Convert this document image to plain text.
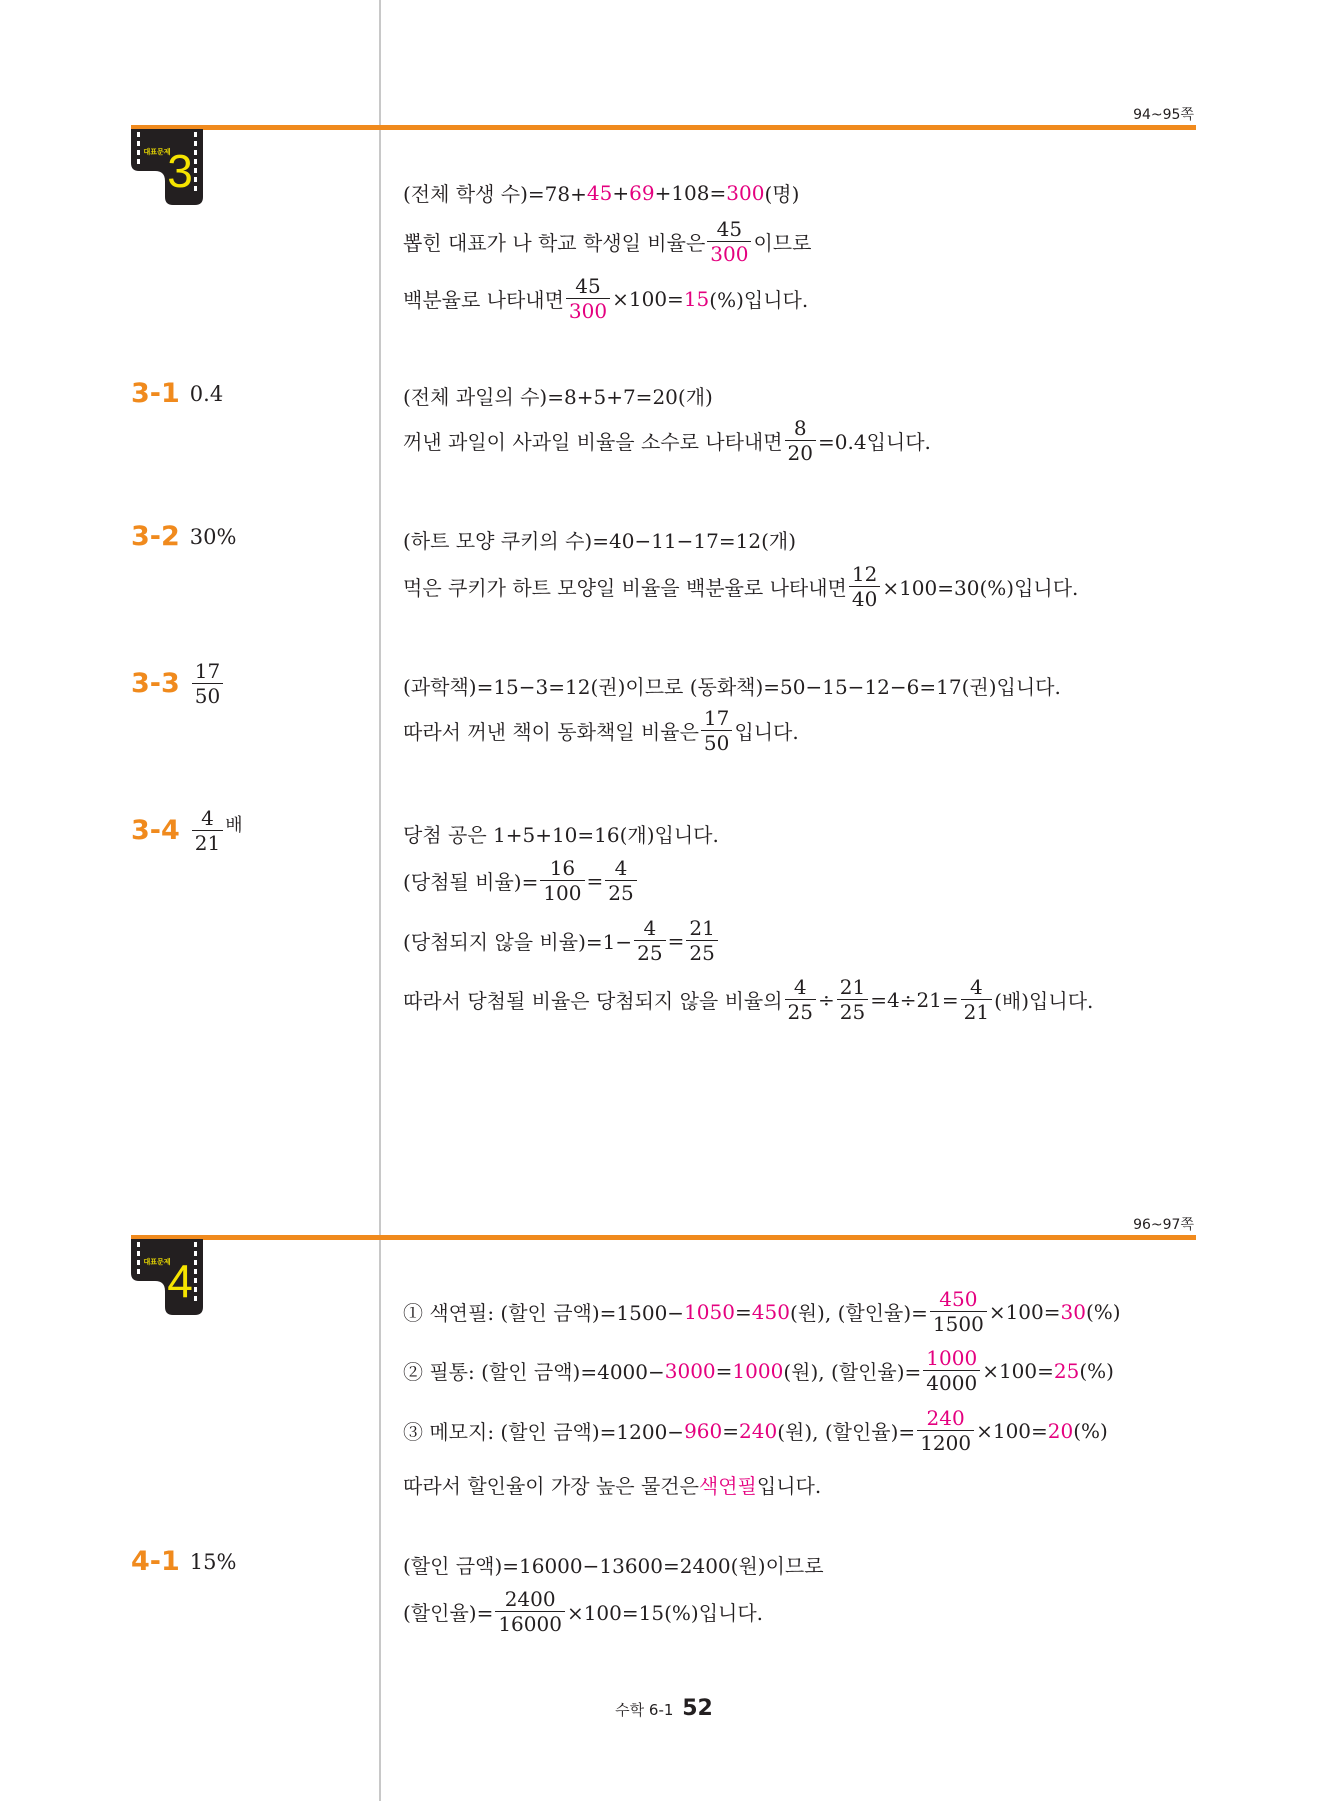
94~95쪽
대표문제
3	(전체 학생 수)=78+ 45 + 69 +108= 300 (명)
뽑힌 대표가 나 학교 학생일 비율은 $\frac{45}{300}$ 이므로
백분율로 나타내면 $\frac{45}{300} \times 100= 15$ (%)입니다.
3-1 0.4	(전체 과일의 수)=8+5+7=20(개)
꺼낸 과일이 사과일 비율을 소수로 나타내면 $\frac{8}{20} =0.4$입니다.
3-2 30%	(하트 모양 쿠키의 수)=40−11−17=12(개)
먹은 쿠키가 하트 모양일 비율을 백분율로 나타내면 $\frac{12}{40} \times 100=30(\%)$입니다.
$3-3 \frac{17}{50}$	(과학책)=15−3=12(권)이므로 (동화책)=50−15−12−6=17(권)입니다.
따라서 꺼낸 책이 동화책일 비율은 $\frac{17}{50}$ 입니다.
$3-4 \frac{4}{21}$ 배	당첨 공은 1+5+10=16(개)입니다.
(당첨될 비율)= $\frac{16}{100} = \frac{4}{25}$
(당첨되지 않을 비율)$=1- \frac{4}{25} = \frac{21}{25}$
따라서 당첨될 비율은 당첨되지 않을 비율의 $\frac{4}{25} \div \frac{21}{25} =4\div 21= \frac{4}{21}$ (배)입니다.
96~97쪽
대표문제
4
① 색연필: (할인 금액)=1500− 1050 = 450 (원), (할인율)= $\frac{450}{1500} \times 100= 30$ (%)
② 필통: (할인 금액)=4000− 3000 = 1000 (원), (할인율)= $\frac{1000}{4000} \times 100= 25$ (%)
③ 메모지: (할인 금액)=1200− 960 = 240 (원), (할인율)= $\frac{240}{1200} \times 100= 20$ (%)
따라서 할인율이 가장 높은 물건은 색연필 입니다.
4-1 15%	(할인 금액)=16000−13600=2400(원)이므로
(할인율)= $\frac{2400}{16000} \times 100=15(\%)$입니다.
수학 6-1 52
